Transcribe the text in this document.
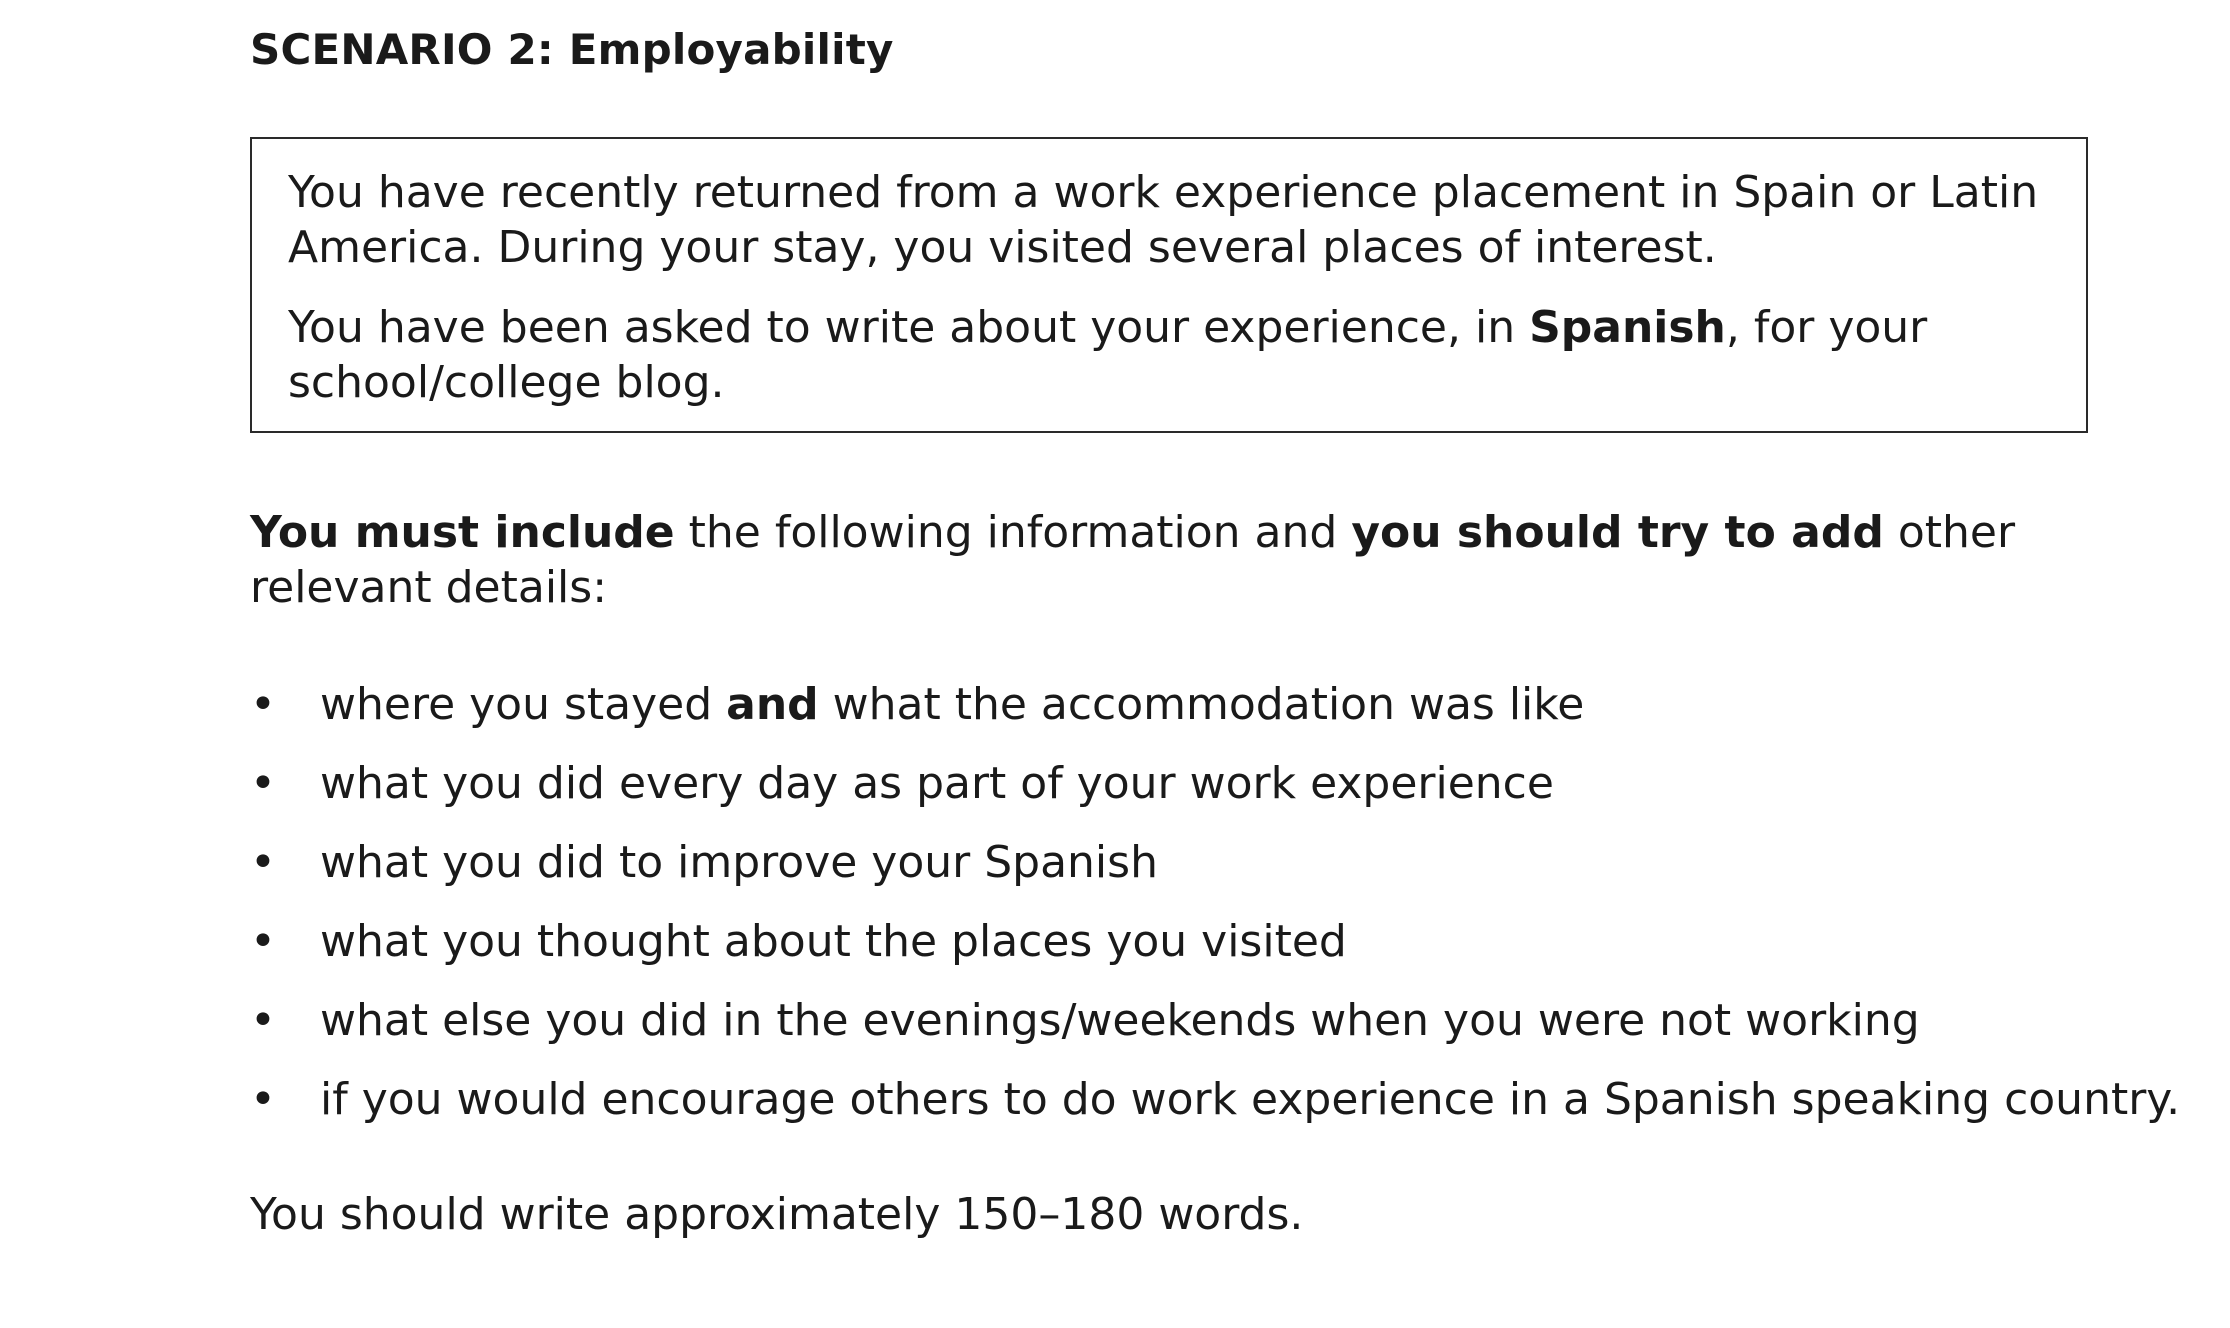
SCENARIO 2: Employability

You have recently returned from a work experience placement in Spain or Latin America. During your stay, you visited several places of interest.

You have been asked to write about your experience, in Spanish, for your school/college blog.

You must include the following information and you should try to add other relevant details:

•	where you stayed and what the accommodation was like
•	what you did every day as part of your work experience
•	what you did to improve your Spanish
•	what you thought about the places you visited
•	what else you did in the evenings/weekends when you were not working
•	if you would encourage others to do work experience in a Spanish speaking country.

You should write approximately 150–180 words.
